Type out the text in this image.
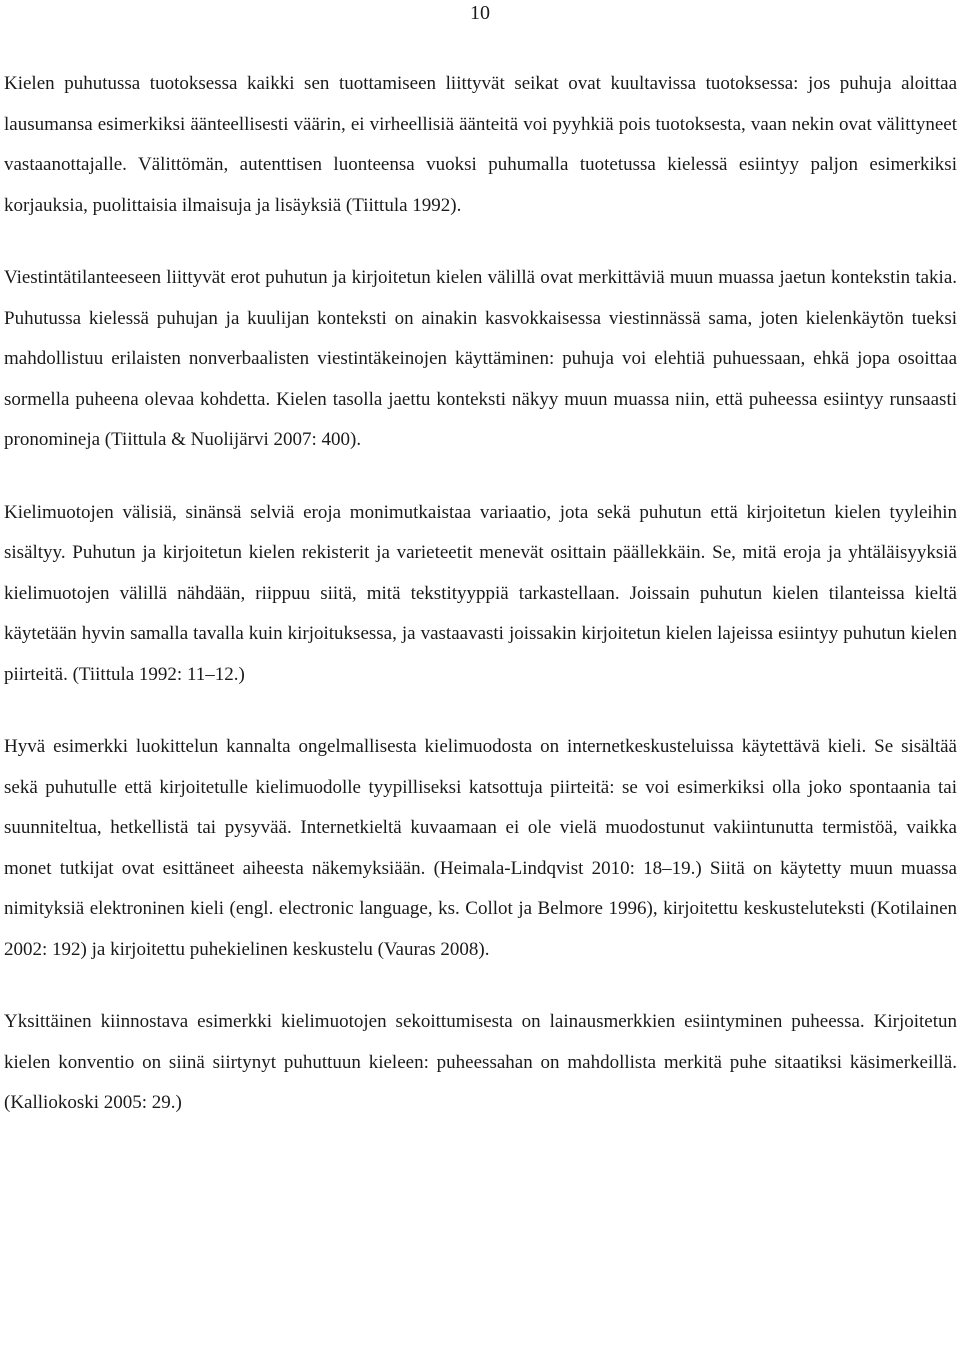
10

Kielen puhutussa tuotoksessa kaikki sen tuottamiseen liittyvät seikat ovat kuultavissa tuotoksessa: jos puhuja aloittaa lausumansa esimerkiksi äänteellisesti väärin, ei virheellisiä äänteitä voi pyyhkiä pois tuotoksesta, vaan nekin ovat välittyneet vastaanottajalle. Välittömän, autenttisen luonteensa vuoksi puhumalla tuotetussa kielessä esiintyy paljon esimerkiksi korjauksia, puolittaisia ilmaisuja ja lisäyksiä (Tiittula 1992).

Viestintätilanteeseen liittyvät erot puhutun ja kirjoitetun kielen välillä ovat merkittäviä muun muassa jaetun kontekstin takia. Puhutussa kielessä puhujan ja kuulijan konteksti on ainakin kasvokkaisessa viestinnässä sama, joten kielenkäytön tueksi mahdollistuu erilaisten nonverbaalisten viestintäkeinojen käyttäminen: puhuja voi elehtiä puhuessaan, ehkä jopa osoittaa sormella puheena olevaa kohdetta. Kielen tasolla jaettu konteksti näkyy muun muassa niin, että puheessa esiintyy runsaasti pronomineja (Tiittula & Nuolijärvi 2007: 400).

Kielimuotojen välisiä, sinänsä selviä eroja monimutkaistaa variaatio, jota sekä puhutun että kirjoitetun kielen tyyleihin sisältyy. Puhutun ja kirjoitetun kielen rekisterit ja varieteetit menevät osittain päällekkäin. Se, mitä eroja ja yhtäläisyyksiä kielimuotojen välillä nähdään, riippuu siitä, mitä tekstityyppiä tarkastellaan. Joissain puhutun kielen tilanteissa kieltä käytetään hyvin samalla tavalla kuin kirjoituksessa, ja vastaavasti joissakin kirjoitetun kielen lajeissa esiintyy puhutun kielen piirteitä. (Tiittula 1992: 11–12.)

Hyvä esimerkki luokittelun kannalta ongelmallisesta kielimuodosta on internetkeskusteluissa käytettävä kieli. Se sisältää sekä puhutulle että kirjoitetulle kielimuodolle tyypilliseksi katsottuja piirteitä: se voi esimerkiksi olla joko spontaania tai suunniteltua, hetkellistä tai pysyvää. Internetkieltä kuvaamaan ei ole vielä muodostunut vakiintunutta termistöä, vaikka monet tutkijat ovat esittäneet aiheesta näkemyksiään. (Heimala-Lindqvist 2010: 18–19.) Siitä on käytetty muun muassa nimityksiä elektroninen kieli (engl. electronic language, ks. Collot ja Belmore 1996), kirjoitettu keskusteluteksti (Kotilainen 2002: 192) ja kirjoitettu puhekielinen keskustelu (Vauras 2008).

Yksittäinen kiinnostava esimerkki kielimuotojen sekoittumisesta on lainausmerkkien esiintyminen puheessa. Kirjoitetun kielen konventio on siinä siirtynyt puhuttuun kieleen: puheessahan on mahdollista merkitä puhe sitaatiksi käsimerkeillä. (Kalliokoski 2005: 29.)
